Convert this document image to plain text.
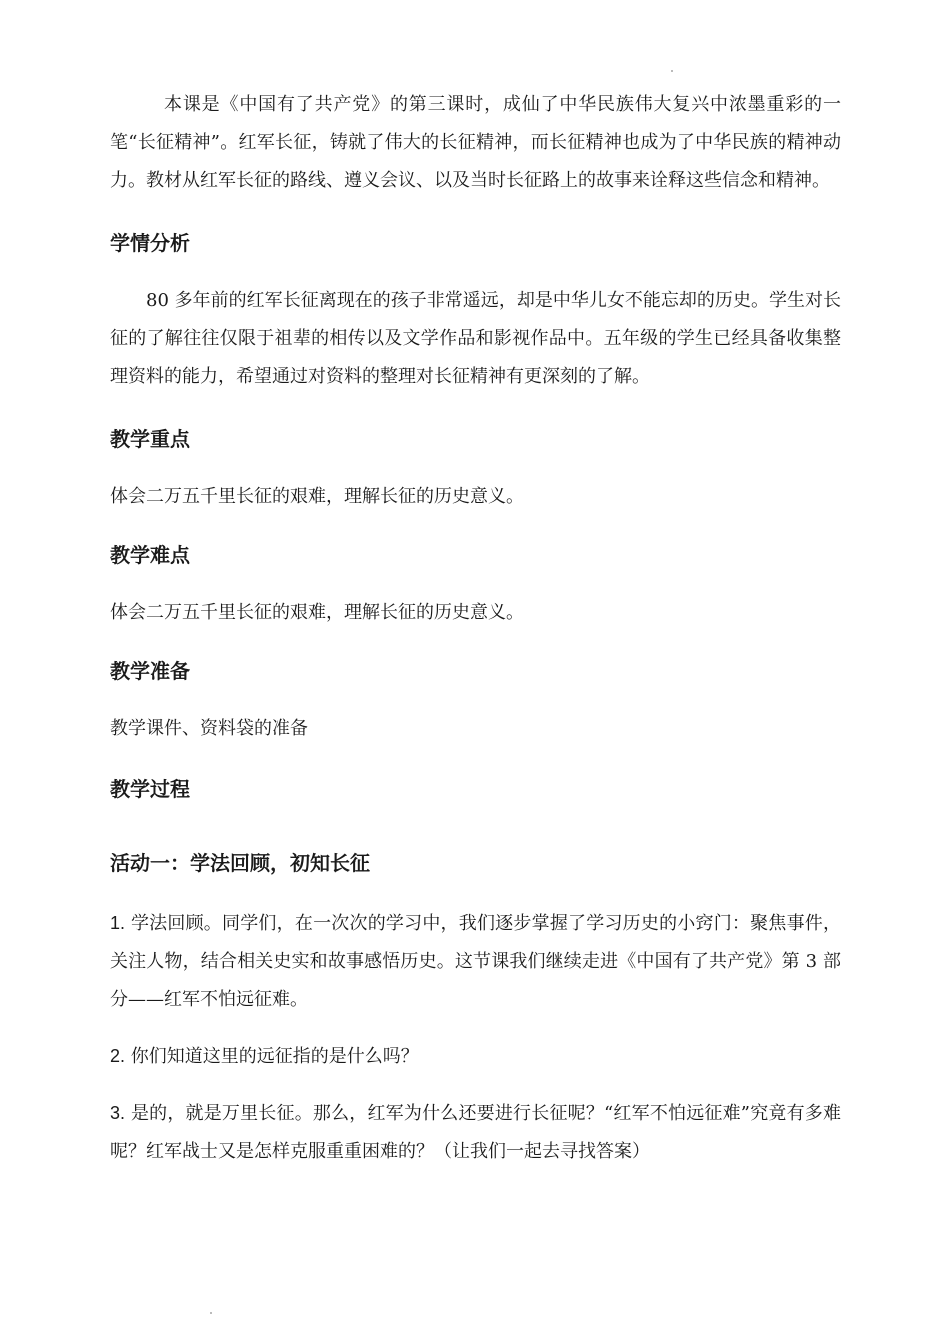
本课是《中国有了共产党》的第三课时，成仙了中华民族伟大复兴中浓墨重彩的一笔“长征精神”。红军长征，铸就了伟大的长征精神，而长征精神也成为了中华民族的精神动力。教材从红军长征的路线、遵义会议、以及当时长征路上的故事来诠释这些信念和精神。

学情分析

80 多年前的红军长征离现在的孩子非常遥远，却是中华儿女不能忘却的历史。学生对长征的了解往往仅限于祖辈的相传以及文学作品和影视作品中。五年级的学生已经具备收集整理资料的能力，希望通过对资料的整理对长征精神有更深刻的了解。

教学重点

体会二万五千里长征的艰难，理解长征的历史意义。

教学难点

体会二万五千里长征的艰难，理解长征的历史意义。

教学准备

教学课件、资料袋的准备

教学过程
活动一：学法回顾，初知长征

1. 学法回顾。同学们，在一次次的学习中，我们逐步掌握了学习历史的小窍门：聚焦事件，关注人物，结合相关史实和故事感悟历史。这节课我们继续走进《中国有了共产党》第 3 部分——红军不怕远征难。

2. 你们知道这里的远征指的是什么吗？

3. 是的，就是万里长征。那么，红军为什么还要进行长征呢？“红军不怕远征难”究竟有多难呢？红军战士又是怎样克服重重困难的？（让我们一起去寻找答案）
